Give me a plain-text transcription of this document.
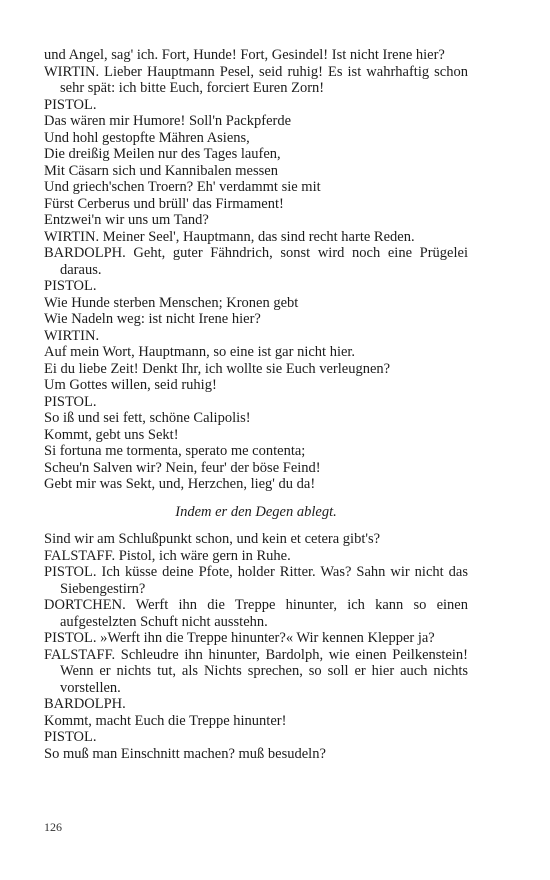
und Angel, sag' ich. Fort, Hunde! Fort, Gesindel! Ist nicht Irene hier?
WIRTIN. Lieber Hauptmann Pesel, seid ruhig! Es ist wahrhaftig schon sehr spät: ich bitte Euch, forciert Euren Zorn!
PISTOL.
Das wären mir Humore! Soll'n Packpferde
Und hohl gestopfte Mähren Asiens,
Die dreißig Meilen nur des Tages laufen,
Mit Cäsarn sich und Kannibalen messen
Und griech'schen Troern? Eh' verdammt sie mit
Fürst Cerberus und brüll' das Firmament!
Entzwei'n wir uns um Tand?
WIRTIN. Meiner Seel', Hauptmann, das sind recht harte Reden.
BARDOLPH. Geht, guter Fähndrich, sonst wird noch eine Prügelei daraus.
PISTOL.
Wie Hunde sterben Menschen; Kronen gebt
Wie Nadeln weg: ist nicht Irene hier?
WIRTIN.
Auf mein Wort, Hauptmann, so eine ist gar nicht hier.
Ei du liebe Zeit! Denkt Ihr, ich wollte sie Euch verleugnen?
Um Gottes willen, seid ruhig!
PISTOL.
So iß und sei fett, schöne Calipolis!
Kommt, gebt uns Sekt!
Si fortuna me tormenta, sperato me contenta;
Scheu'n Salven wir? Nein, feur' der böse Feind!
Gebt mir was Sekt, und, Herzchen, lieg' du da!
Indem er den Degen ablegt.
Sind wir am Schlußpunkt schon, und kein et cetera gibt's?
FALSTAFF. Pistol, ich wäre gern in Ruhe.
PISTOL. Ich küsse deine Pfote, holder Ritter. Was? Sahn wir nicht das Siebengestirn?
DORTCHEN. Werft ihn die Treppe hinunter, ich kann so einen aufgestelzten Schuft nicht ausstehn.
PISTOL. »Werft ihn die Treppe hinunter?« Wir kennen Klepper ja?
FALSTAFF. Schleudre ihn hinunter, Bardolph, wie einen Peilkenstein! Wenn er nichts tut, als Nichts sprechen, so soll er hier auch nichts vorstellen.
BARDOLPH.
Kommt, macht Euch die Treppe hinunter!
PISTOL.
So muß man Einschnitt machen? muß besudeln?
126
